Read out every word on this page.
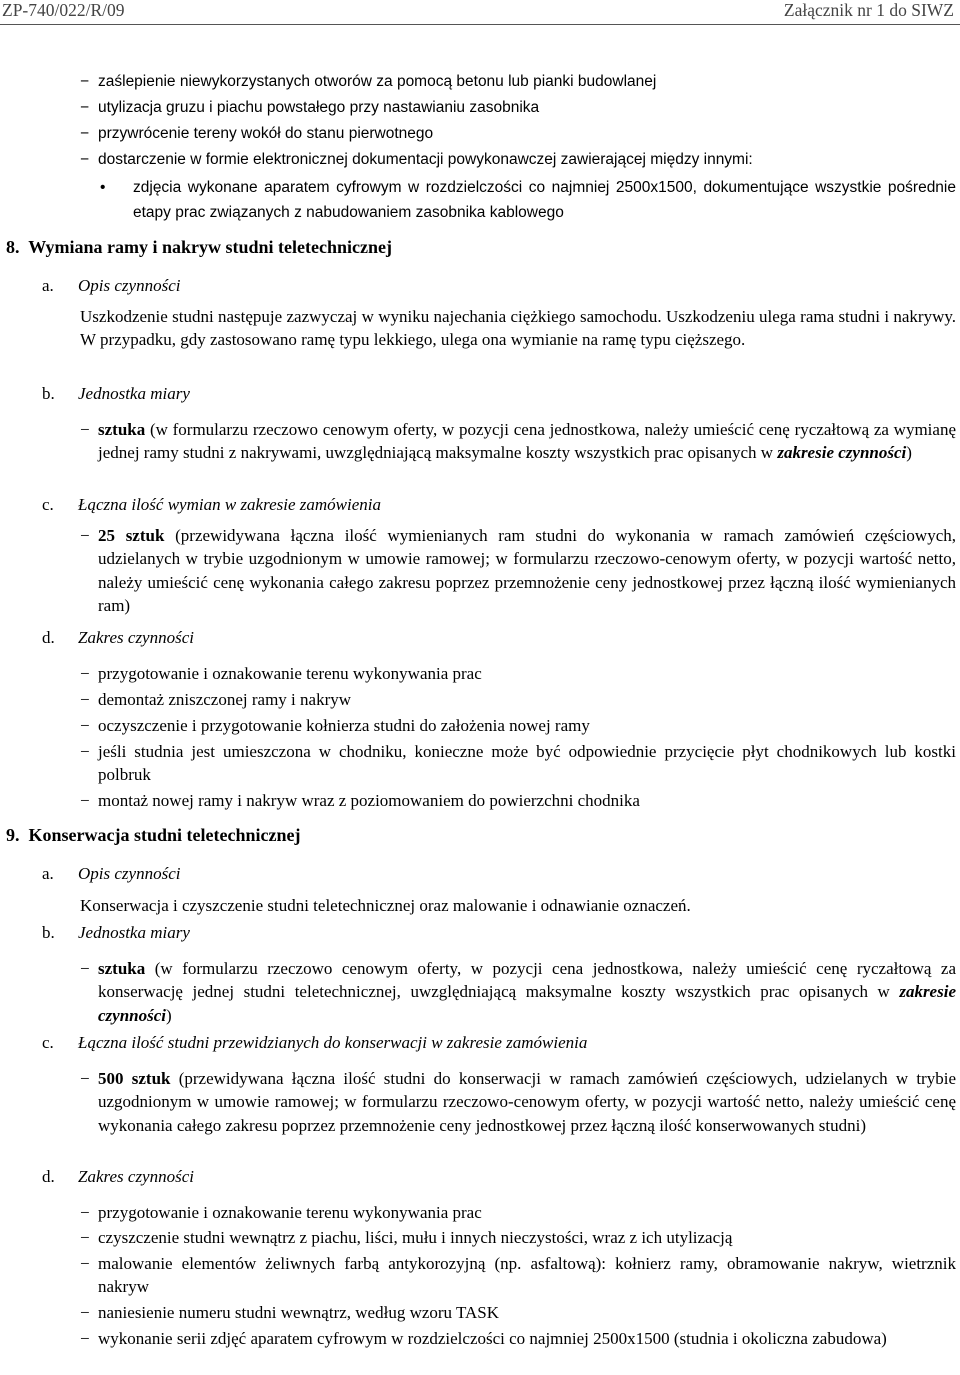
ZP-740/022/R/09	Załącznik nr 1 do SIWZ
− zaślepienie niewykorzystanych otworów za pomocą betonu lub pianki budowlanej
− utylizacja gruzu i piachu powstałego przy nastawianiu zasobnika
− przywrócenie tereny wokół do stanu pierwotnego
− dostarczenie w formie elektronicznej dokumentacji powykonawczej zawierającej między innymi:
•	zdjęcia wykonane aparatem cyfrowym w rozdzielczości co najmniej 2500x1500, dokumentujące wszystkie pośrednie etapy prac związanych z nabudowaniem zasobnika kablowego
8. Wymiana ramy i nakryw studni teletechnicznej
a. Opis czynności
Uszkodzenie studni następuje zazwyczaj w wyniku najechania ciężkiego samochodu. Uszkodzeniu ulega rama studni i nakrywy. W przypadku, gdy zastosowano ramę typu lekkiego, ulega ona wymianie na ramę typu cięższego.
b. Jednostka miary
− sztuka (w formularzu rzeczowo cenowym oferty, w pozycji cena jednostkowa, należy umieścić cenę ryczałtową za wymianę jednej ramy studni z nakrywami, uwzględniającą maksymalne koszty wszystkich prac opisanych w zakresie czynności)
c. Łączna ilość wymian w zakresie zamówienia
− 25 sztuk (przewidywana łączna ilość wymienianych ram studni do wykonania w ramach zamówień częściowych, udzielanych w trybie uzgodnionym w umowie ramowej; w formularzu rzeczowo-cenowym oferty, w pozycji wartość netto, należy umieścić cenę wykonania całego zakresu poprzez przemnożenie ceny jednostkowej przez łączną ilość wymienianych ram)
d. Zakres czynności
− przygotowanie i oznakowanie terenu wykonywania prac
− demontaż zniszczonej ramy i nakryw
− oczyszczenie i przygotowanie kołnierza studni do założenia nowej ramy
− jeśli studnia jest umieszczona w chodniku, konieczne może być odpowiednie przycięcie płyt chodnikowych lub kostki polbruk
− montaż nowej ramy i nakryw wraz z poziomowaniem do powierzchni chodnika
9. Konserwacja studni teletechnicznej
a. Opis czynności
Konserwacja i czyszczenie studni teletechnicznej oraz malowanie i odnawianie oznaczeń.
b. Jednostka miary
− sztuka (w formularzu rzeczowo cenowym oferty, w pozycji cena jednostkowa, należy umieścić cenę ryczałtową za konserwację jednej studni teletechnicznej, uwzględniającą maksymalne koszty wszystkich prac opisanych w zakresie czynności)
c. Łączna ilość studni przewidzianych do konserwacji w zakresie zamówienia
− 500 sztuk (przewidywana łączna ilość studni do konserwacji w ramach zamówień częściowych, udzielanych w trybie uzgodnionym w umowie ramowej; w formularzu rzeczowo-cenowym oferty, w pozycji wartość netto, należy umieścić cenę wykonania całego zakresu poprzez przemnożenie ceny jednostkowej przez łączną ilość konserwowanych studni)
d. Zakres czynności
− przygotowanie i oznakowanie terenu wykonywania prac
− czyszczenie studni wewnątrz z piachu, liści, mułu i innych nieczystości, wraz z ich utylizacją
− malowanie elementów żeliwnych farbą antykorozyjną (np. asfaltową): kołnierz ramy, obramowanie nakryw, wietrznik nakryw
− naniesienie numeru studni wewnątrz, według wzoru TASK
− wykonanie serii zdjęć aparatem cyfrowym w rozdzielczości co najmniej 2500x1500 (studnia i okoliczna zabudowa)
